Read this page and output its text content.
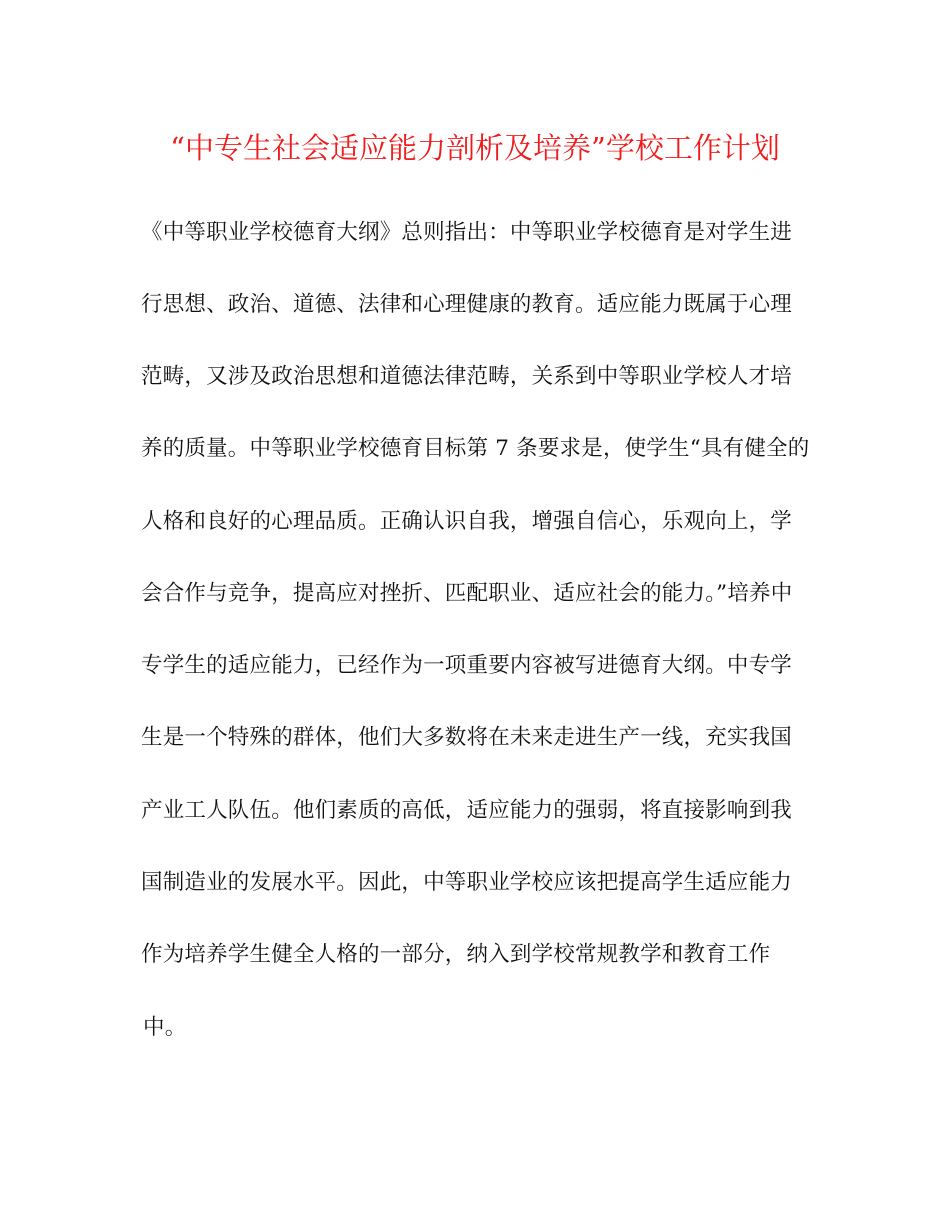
“中专生社会适应能力剖析及培养”学校工作计划
《中等职业学校德育大纲》总则指出：中等职业学校德育是对学生进
行思想、政治、道德、法律和心理健康的教育。适应能力既属于心理
范畴，又涉及政治思想和道德法律范畴，关系到中等职业学校人才培
养的质量。中等职业学校德育目标第 7 条要求是，使学生“具有健全的
人格和良好的心理品质。正确认识自我，增强自信心，乐观向上，学
会合作与竞争，提高应对挫折、匹配职业、适应社会的能力。”培养中
专学生的适应能力，已经作为一项重要内容被写进德育大纲。中专学
生是一个特殊的群体，他们大多数将在未来走进生产一线，充实我国
产业工人队伍。他们素质的高低，适应能力的强弱，将直接影响到我
国制造业的发展水平。因此，中等职业学校应该把提高学生适应能力
作为培养学生健全人格的一部分，纳入到学校常规教学和教育工作
中。
